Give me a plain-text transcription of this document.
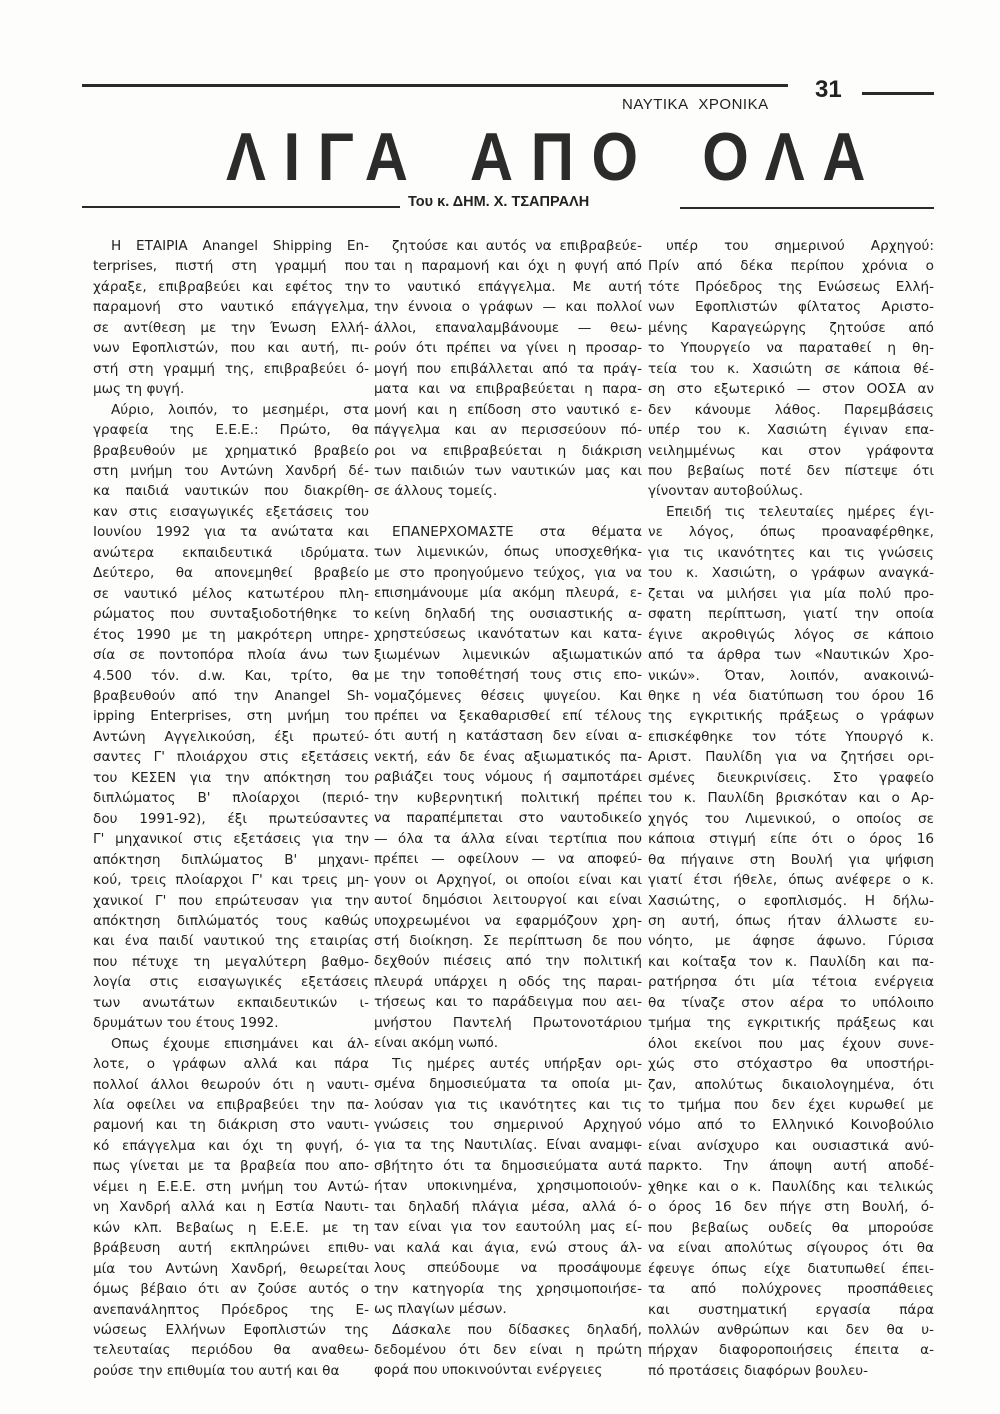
31
ΝΑΥΤΙΚΑ ΧΡΟΝΙΚΑ
ΛΙΓΑ ΑΠΟ ΟΛΑ
Του κ. ΔΗΜ. Χ. ΤΣΑΠΡΑΛΗ
Η ΕΤΑΙΡΙΑ Anangel Shipping En-
terprises, πιστή στη γραμμή που
χάραξε, επιβραβεύει και εφέτος την
παραμονή στο ναυτικό επάγγελμα,
σε αντίθεση με την Ένωση Ελλή-
νων Εφοπλιστών, που και αυτή, πι-
στή στη γραμμή της, επιβραβεύει ό-
μως τη φυγή.
Αύριο, λοιπόν, το μεσημέρι, στα
γραφεία της Ε.Ε.Ε.: Πρώτο, θα
βραβευθούν με χρηματικό βραβείο
στη μνήμη του Αντώνη Χανδρή δέ-
κα παιδιά ναυτικών που διακρίθη-
καν στις εισαγωγικές εξετάσεις του
Ιουνίου 1992 για τα ανώτατα και
ανώτερα εκπαιδευτικά ιδρύματα.
Δεύτερο, θα απονεμηθεί βραβείο
σε ναυτικό μέλος κατωτέρου πλη-
ρώματος που συνταξιοδοτήθηκε το
έτος 1990 με τη μακρότερη υπηρε-
σία σε ποντοπόρα πλοία άνω των
4.500 τόν. d.w. Και, τρίτο, θα
βραβευθούν από την Anangel Sh-
ipping Enterprises, στη μνήμη του
Αντώνη Αγγελικούση, έξι πρωτεύ-
σαντες Γ' πλοιάρχου στις εξετάσεις
του ΚΕΣΕΝ για την απόκτηση του
διπλώματος Β' πλοίαρχοι (περιό-
δου 1991-92), έξι πρωτεύσαντες
Γ' μηχανικοί στις εξετάσεις για την
απόκτηση διπλώματος Β' μηχανι-
κού, τρεις πλοίαρχοι Γ' και τρεις μη-
χανικοί Γ' που επρώτευσαν για την
απόκτηση διπλώματός τους καθώς
και ένα παιδί ναυτικού της εταιρίας
που πέτυχε τη μεγαλύτερη βαθμο-
λογία στις εισαγωγικές εξετάσεις
των ανωτάτων εκπαιδευτικών ι-
δρυμάτων του έτους 1992.
Οπως έχουμε επισημάνει και άλ-
λοτε, ο γράφων αλλά και πάρα
πολλοί άλλοι θεωρούν ότι η ναυτι-
λία οφείλει να επιβραβεύει την πα-
ραμονή και τη διάκριση στο ναυτι-
κό επάγγελμα και όχι τη φυγή, ό-
πως γίνεται με τα βραβεία που απο-
νέμει η Ε.Ε.Ε. στη μνήμη του Αντώ-
νη Χανδρή αλλά και η Εστία Ναυτι-
κών κλπ. Βεβαίως η Ε.Ε.Ε. με τη
βράβευση αυτή εκπληρώνει επιθυ-
μία του Αντώνη Χανδρή, θεωρείται
όμως βέβαιο ότι αν ζούσε αυτός ο
ανεπανάληπτος Πρόεδρος της Ε-
νώσεως Ελλήνων Εφοπλιστών της
τελευταίας περιόδου θα αναθεω-
ρούσε την επιθυμία του αυτή και θα
ζητούσε και αυτός να επιβραβεύε-
ται η παραμονή και όχι η φυγή από
το ναυτικό επάγγελμα. Με αυτή
την έννοια ο γράφων — και πολλοί
άλλοι, επαναλαμβάνουμε — θεω-
ρούν ότι πρέπει να γίνει η προσαρ-
μογή που επιβάλλεται από τα πράγ-
ματα και να επιβραβεύεται η παρα-
μονή και η επίδοση στο ναυτικό ε-
πάγγελμα και αν περισσεύουν πό-
ροι να επιβραβεύεται η διάκριση
των παιδιών των ναυτικών μας και
σε άλλους τομείς.
ΕΠΑΝΕΡΧΟΜΑΣΤΕ στα θέματα
των λιμενικών, όπως υποσχεθήκα-
με στο προηγούμενο τεύχος, για να
επισημάνουμε μία ακόμη πλευρά, ε-
κείνη δηλαδή της ουσιαστικής α-
χρηστεύσεως ικανότατων και κατα-
ξιωμένων λιμενικών αξιωματικών
με την τοποθέτησή τους στις επο-
νομαζόμενες θέσεις ψυγείου. Και
πρέπει να ξεκαθαρισθεί επί τέλους
ότι αυτή η κατάσταση δεν είναι α-
νεκτή, εάν δε ένας αξιωματικός πα-
ραβιάζει τους νόμους ή σαμποτάρει
την κυβερνητική πολιτική πρέπει
να παραπέμπεται στο ναυτοδικείο
— όλα τα άλλα είναι τερτίπια που
πρέπει — οφείλουν — να αποφεύ-
γουν οι Αρχηγοί, οι οποίοι είναι και
αυτοί δημόσιοι λειτουργοί και είναι
υποχρεωμένοι να εφαρμόζουν χρη-
στή διοίκηση. Σε περίπτωση δε που
δεχθούν πιέσεις από την πολιτική
πλευρά υπάρχει η οδός της παραι-
τήσεως και το παράδειγμα που αει-
μνήστου Παντελή Πρωτονοτάριου
είναι ακόμη νωπό.
Τις ημέρες αυτές υπήρξαν ορι-
σμένα δημοσιεύματα τα οποία μι-
λούσαν για τις ικανότητες και τις
γνώσεις του σημερινού Αρχηγού
για τα της Ναυτιλίας. Είναι αναμφι-
σβήτητο ότι τα δημοσιεύματα αυτά
ήταν υποκινημένα, χρησιμοποιούν-
ται δηλαδή πλάγια μέσα, αλλά ό-
ταν είναι για τον εαυτούλη μας εί-
ναι καλά και άγια, ενώ στους άλ-
λους σπεύδουμε να προσάψουμε
την κατηγορία της χρησιμοποιήσε-
ως πλαγίων μέσων.
Δάσκαλε που δίδασκες δηλαδή,
δεδομένου ότι δεν είναι η πρώτη
φορά που υποκινούνται ενέργειες
υπέρ του σημερινού Αρχηγού:
Πρίν από δέκα περίπου χρόνια ο
τότε Πρόεδρος της Ενώσεως Ελλή-
νων Εφοπλιστών φίλτατος Αριστο-
μένης Καραγεώργης ζητούσε από
το Υπουργείο να παραταθεί η θη-
τεία του κ. Χασιώτη σε κάποια θέ-
ση στο εξωτερικό — στον ΟΟΣΑ αν
δεν κάνουμε λάθος. Παρεμβάσεις
υπέρ του κ. Χασιώτη έγιναν επα-
νειλημμένως και στον γράφοντα
που βεβαίως ποτέ δεν πίστεψε ότι
γίνονταν αυτοβούλως.
Επειδή τις τελευταίες ημέρες έγι-
νε λόγος, όπως προαναφέρθηκε,
για τις ικανότητες και τις γνώσεις
του κ. Χασιώτη, ο γράφων αναγκά-
ζεται να μιλήσει για μία πολύ προ-
σφατη περίπτωση, γιατί την οποία
έγινε ακροθιγώς λόγος σε κάποιο
από τα άρθρα των «Ναυτικών Χρο-
νικών». Όταν, λοιπόν, ανακοινώ-
θηκε η νέα διατύπωση του όρου 16
της εγκριτικής πράξεως ο γράφων
επισκέφθηκε τον τότε Υπουργό κ.
Αριστ. Παυλίδη για να ζητήσει ορι-
σμένες διευκρινίσεις. Στο γραφείο
του κ. Παυλίδη βρισκόταν και ο Αρ-
χηγός του Λιμενικού, ο οποίος σε
κάποια στιγμή είπε ότι ο όρος 16
θα πήγαινε στη Βουλή για ψήφιση
γιατί έτσι ήθελε, όπως ανέφερε ο κ.
Χασιώτης, ο εφοπλισμός. Η δήλω-
ση αυτή, όπως ήταν άλλωστε ευ-
νόητο, με άφησε άφωνο. Γύρισα
και κοίταξα τον κ. Παυλίδη και πα-
ρατήρησα ότι μία τέτοια ενέργεια
θα τίναζε στον αέρα το υπόλοιπο
τμήμα της εγκριτικής πράξεως και
όλοι εκείνοι που μας έχουν συνε-
χώς στο στόχαστρο θα υποστήρι-
ζαν, απολύτως δικαιολογημένα, ότι
το τμήμα που δεν έχει κυρωθεί με
νόμο από το Ελληνικό Κοινοβούλιο
είναι ανίσχυρο και ουσιαστικά ανύ-
παρκτο. Την άποψη αυτή αποδέ-
χθηκε και ο κ. Παυλίδης και τελικώς
ο όρος 16 δεν πήγε στη Βουλή, ό-
που βεβαίως ουδείς θα μπορούσε
να είναι απολύτως σίγουρος ότι θα
έφευγε όπως είχε διατυπωθεί έπει-
τα από πολύχρονες προσπάθειες
και συστηματική εργασία πάρα
πολλών ανθρώπων και δεν θα υ-
πήρχαν διαφοροποιήσεις έπειτα α-
πό προτάσεις διαφόρων βουλευ-
